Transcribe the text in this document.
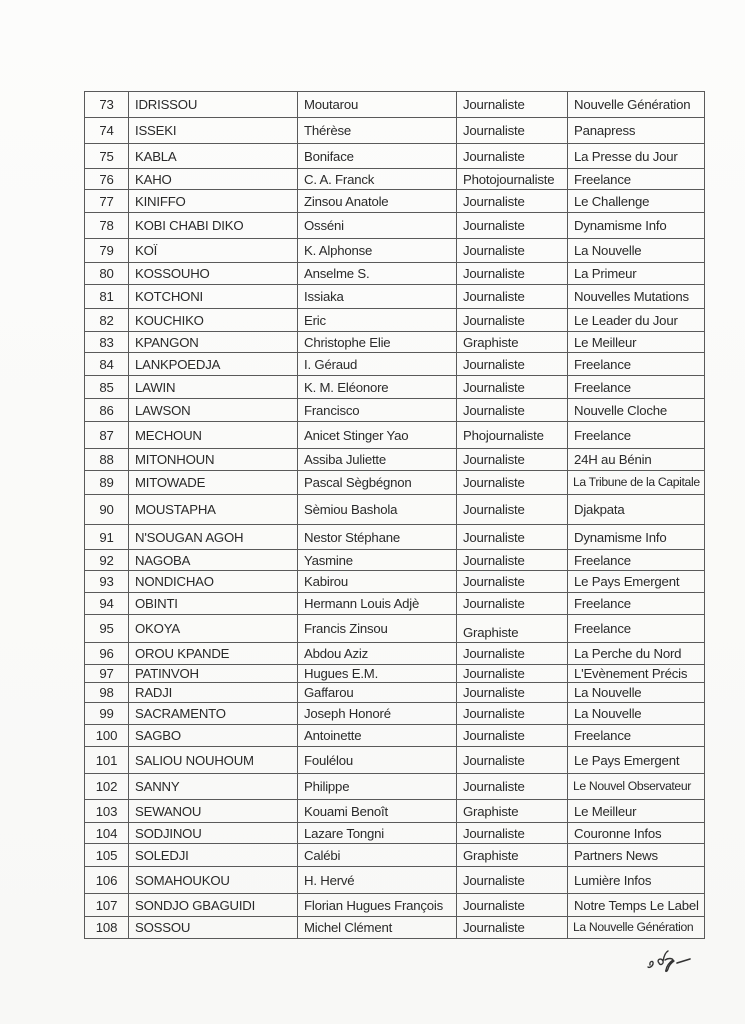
73	IDRISSOU	Moutarou	Journaliste	Nouvelle Génération
74	ISSEKI	Thérèse	Journaliste	Panapress
75	KABLA	Boniface	Journaliste	La Presse du Jour
76	KAHO	C. A. Franck	Photojournaliste	Freelance
77	KINIFFO	Zinsou Anatole	Journaliste	Le Challenge
78	KOBI CHABI DIKO	Osséni	Journaliste	Dynamisme Info
79	KOÏ	K. Alphonse	Journaliste	La Nouvelle
80	KOSSOUHO	Anselme S.	Journaliste	La Primeur
81	KOTCHONI	Issiaka	Journaliste	Nouvelles Mutations
82	KOUCHIKO	Eric	Journaliste	Le Leader du Jour
83	KPANGON	Christophe Elie	Graphiste	Le Meilleur
84	LANKPOEDJA	I. Géraud	Journaliste	Freelance
85	LAWIN	K. M. Eléonore	Journaliste	Freelance
86	LAWSON	Francisco	Journaliste	Nouvelle Cloche
87	MECHOUN	Anicet Stinger Yao	Phojournaliste	Freelance
88	MITONHOUN	Assiba Juliette	Journaliste	24H au Bénin
89	MITOWADE	Pascal Sègbégnon	Journaliste	La Tribune de la Capitale
90	MOUSTAPHA	Sèmiou Bashola	Journaliste	Djakpata
91	N'SOUGAN AGOH	Nestor Stéphane	Journaliste	Dynamisme Info
92	NAGOBA	Yasmine	Journaliste	Freelance
93	NONDICHAO	Kabirou	Journaliste	Le Pays Emergent
94	OBINTI	Hermann Louis Adjè	Journaliste	Freelance
95	OKOYA	Francis Zinsou	Graphiste	Freelance
96	OROU KPANDE	Abdou Aziz	Journaliste	La Perche du Nord
97	PATINVOH	Hugues E.M.	Journaliste	L'Evènement Précis
98	RADJI	Gaffarou	Journaliste	La Nouvelle
99	SACRAMENTO	Joseph Honoré	Journaliste	La Nouvelle
100	SAGBO	Antoinette	Journaliste	Freelance
101	SALIOU NOUHOUM	Foulélou	Journaliste	Le Pays Emergent
102	SANNY	Philippe	Journaliste	Le Nouvel Observateur
103	SEWANOU	Kouami Benoît	Graphiste	Le Meilleur
104	SODJINOU	Lazare Tongni	Journaliste	Couronne Infos
105	SOLEDJI	Calébi	Graphiste	Partners News
106	SOMAHOUKOU	H. Hervé	Journaliste	Lumière Infos
107	SONDJO GBAGUIDI	Florian Hugues François	Journaliste	Notre Temps Le Label
108	SOSSOU	Michel Clément	Journaliste	La Nouvelle Génération
